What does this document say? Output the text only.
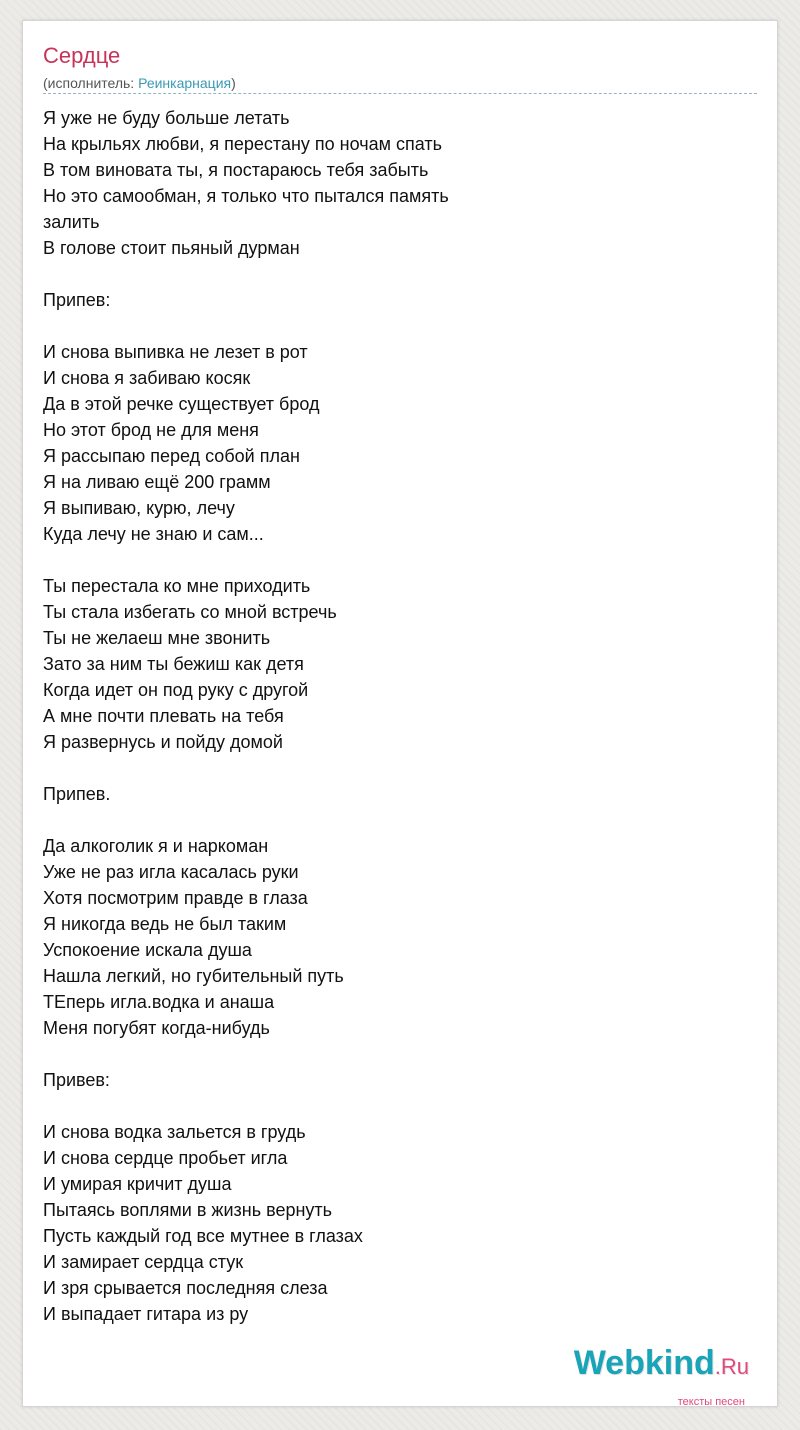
Сердце
(исполнитель: Реинкарнация)
Я уже не буду больше летать
На крыльях любви, я перестану по ночам спать
В том виновата ты, я постараюсь тебя забыть
Но это самообман, я только что пытался память залить
В голове стоит пьяный дурман
Припев:
И снова выпивка не лезет в рот
И снова я забиваю косяк
Да в этой речке существует брод
Но этот брод не для меня
Я рассыпаю перед собой план
Я на ливаю ещё 200 грамм
Я выпиваю, курю, лечу
Куда лечу не знаю и сам...
Ты перестала ко мне приходить
Ты стала избегать со мной встречь
Ты не желаеш мне звонить
Зато за ним ты бежиш как детя
Когда идет он под руку с другой
А мне почти плевать на тебя
Я развернусь и пойду домой
Припев.
Да алкоголик я и наркоман
Уже не раз игла касалась руки
Хотя посмотрим правде в глаза
Я никогда ведь не был таким
Успокоение искала душа
Нашла легкий, но губительный путь
ТЕперь игла.водка и анаша
Меня погубят когда-нибудь
Привев:
И снова водка зальется в грудь
И снова сердце пробьет игла
И умирая кричит душа
Пытаясь воплями в жизнь вернуть
Пусть каждый год все мутнее в глазах
И замирает сердца стук
И зря срывается последняя слеза
И выпадает гитара из ру
Webkind.Ru
тексты песен
